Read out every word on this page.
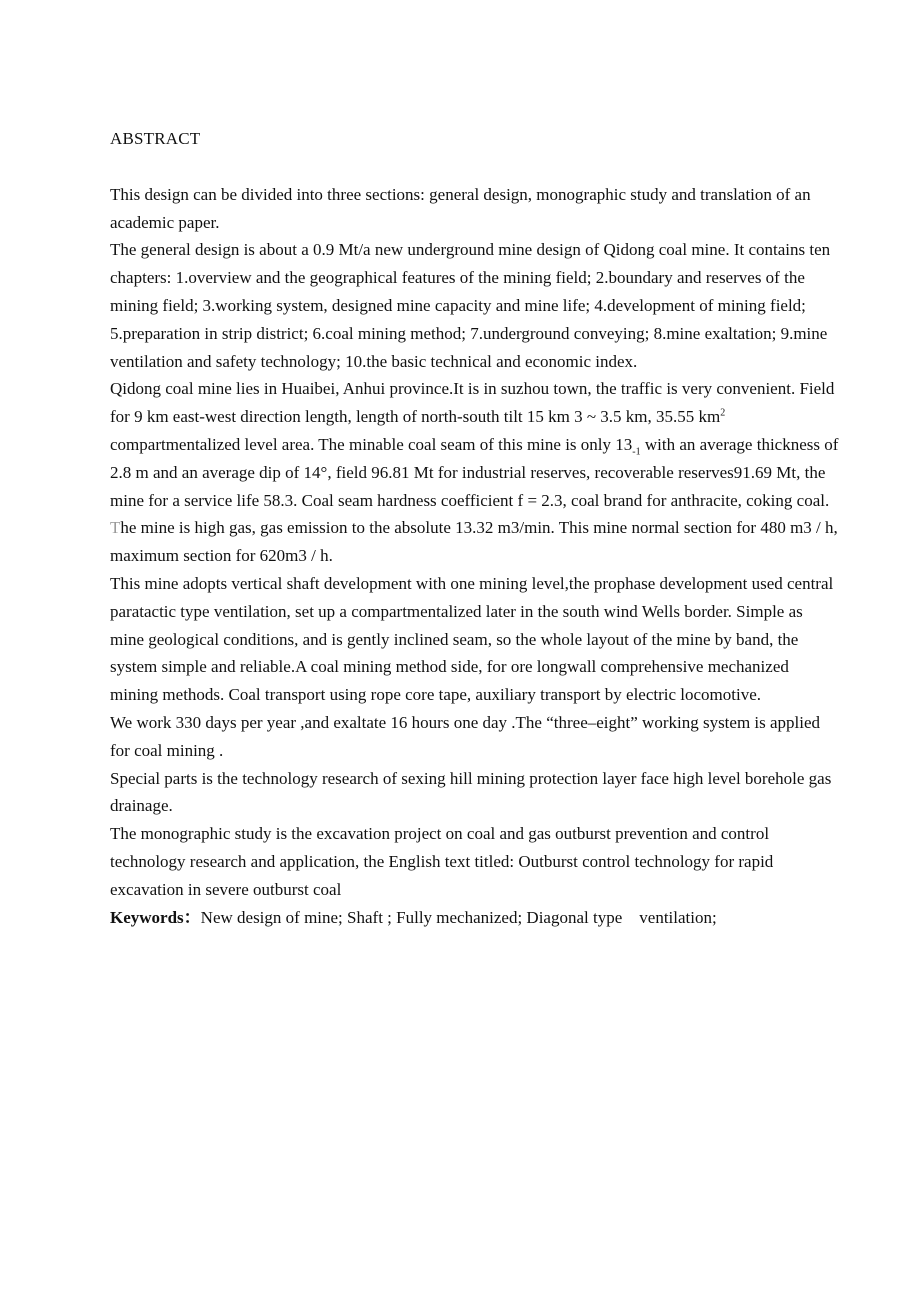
ABSTRACT

This design can be divided into three sections: general design, monographic study and translation of an academic paper.

The general design is about a 0.9 Mt/a new underground mine design of Qidong coal mine. It contains ten chapters: 1.overview and the geographical features of the mining field; 2.boundary and reserves of the mining field; 3.working system, designed mine capacity and mine life; 4.development of mining field; 5.preparation in strip district; 6.coal mining method; 7.underground conveying; 8.mine exaltation; 9.mine ventilation and safety technology; 10.the basic technical and economic index.

Qidong coal mine lies in Huaibei, Anhui province.It is in suzhou town, the traffic is very convenient. Field for 9 km east-west direction length, length of north-south tilt 15 km 3 ~ 3.5 km, 35.55 $km^2$ compartmentalized level area. The minable coal seam of this mine is only $13_{-1}$ with an average thickness of 2.8 m and an average dip of 14°, field 96.81 Mt for industrial reserves, recoverable reserves91.69 Mt, the mine for a service life 58.3. Coal seam hardness coefficient f = 2.3, coal brand for anthracite, coking coal. The mine is high gas, gas emission to the absolute 13.32 m3/min. This mine normal section for 480 m3 / h, maximum section for 620m3 / h.

This mine adopts vertical shaft development with one mining level,the prophase development used central paratactic type ventilation, set up a compartmentalized later in the south wind Wells border. Simple as mine geological conditions, and is gently inclined seam, so the whole layout of the mine by band, the system simple and reliable.A coal mining method side, for ore longwall comprehensive mechanized mining methods. Coal transport using rope core tape, auxiliary transport by electric locomotive.

We work 330 days per year ,and exaltate 16 hours one day .The “three–eight” working system is applied for coal mining .

Special parts is the technology research of sexing hill mining protection layer face high level borehole gas drainage.

The monographic study is the excavation project on coal and gas outburst prevention and control technology research and application, the English text titled: Outburst control technology for rapid excavation in severe outburst coal

Keywords：New design of mine; Shaft ; Fully mechanized; Diagonal type    ventilation;
